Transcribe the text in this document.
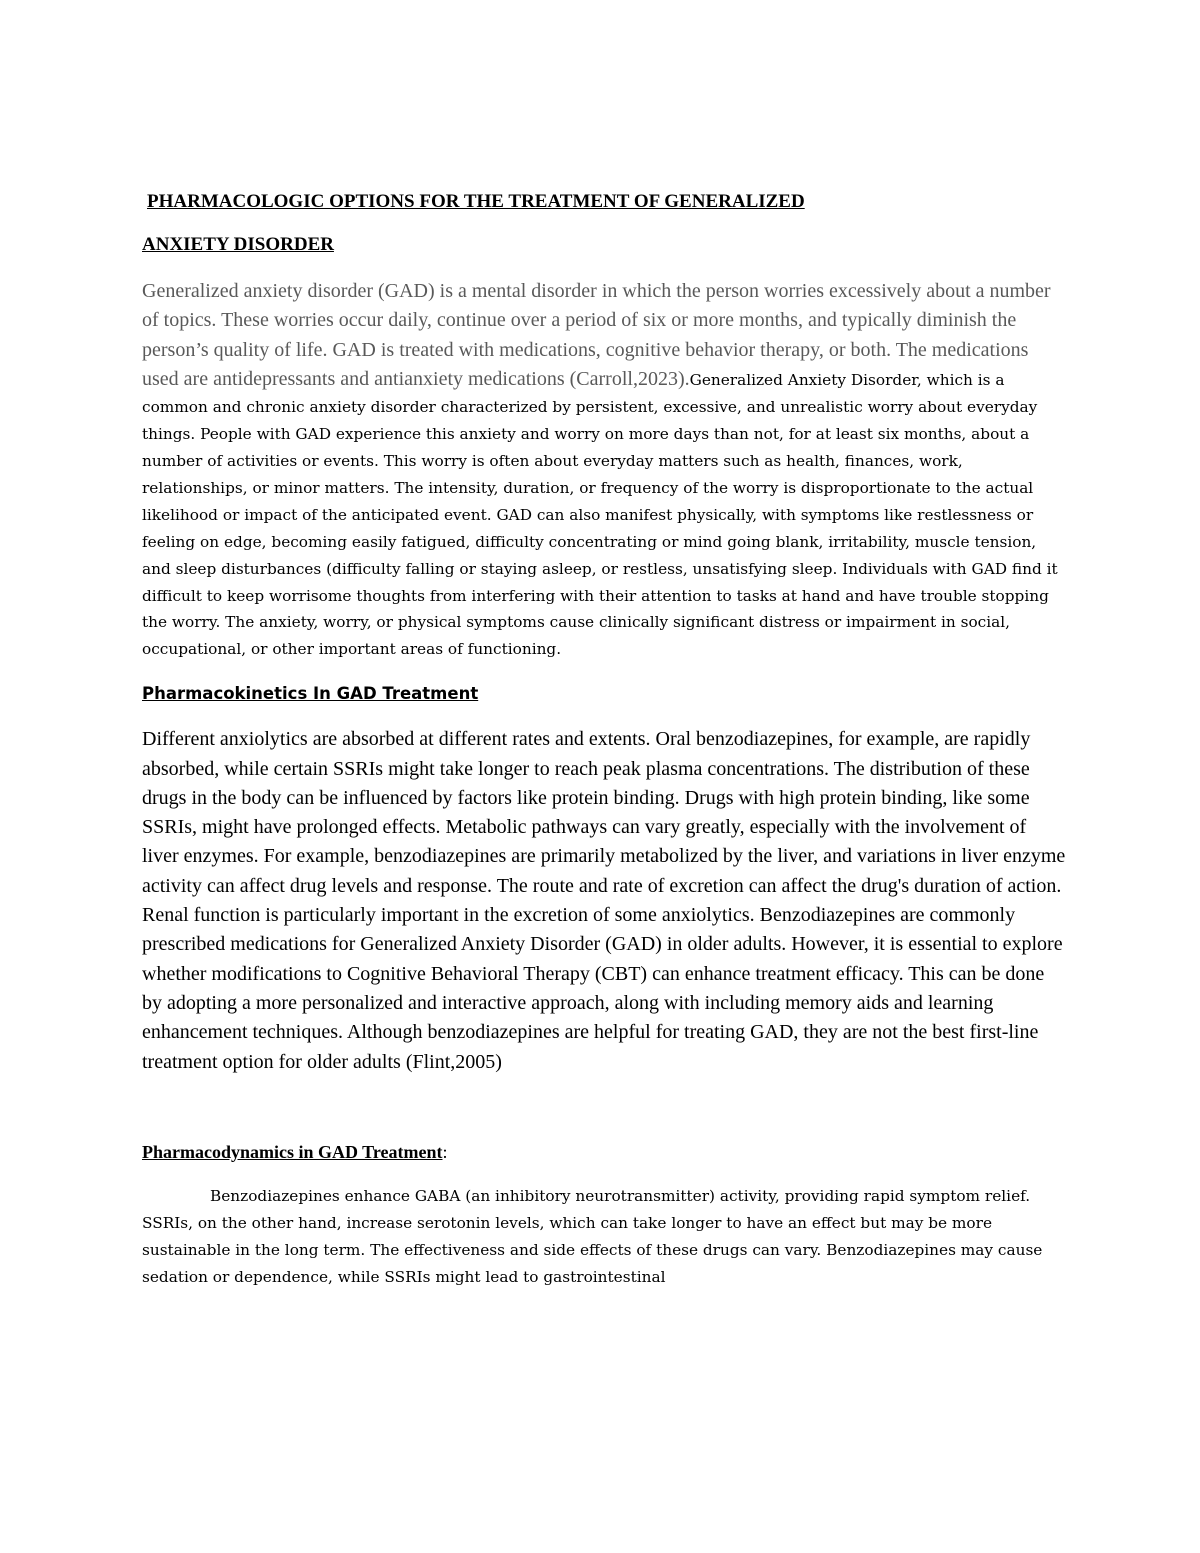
PHARMACOLOGIC OPTIONS FOR THE TREATMENT OF GENERALIZED

ANXIETY DISORDER

Generalized anxiety disorder (GAD) is a mental disorder in which the person worries excessively about a number of topics. These worries occur daily, continue over a period of six or more months, and typically diminish the person’s quality of life. GAD is treated with medications, cognitive behavior therapy, or both. The medications used are antidepressants and antianxiety medications (Carroll,2023).Generalized Anxiety Disorder, which is a common and chronic anxiety disorder characterized by persistent, excessive, and unrealistic worry about everyday things. People with GAD experience this anxiety and worry on more days than not, for at least six months, about a number of activities or events. This worry is often about everyday matters such as health, finances, work, relationships, or minor matters. The intensity, duration, or frequency of the worry is disproportionate to the actual likelihood or impact of the anticipated event. GAD can also manifest physically, with symptoms like restlessness or feeling on edge, becoming easily fatigued, difficulty concentrating or mind going blank, irritability, muscle tension, and sleep disturbances (difficulty falling or staying asleep, or restless, unsatisfying sleep. Individuals with GAD find it difficult to keep worrisome thoughts from interfering with their attention to tasks at hand and have trouble stopping the worry. The anxiety, worry, or physical symptoms cause clinically significant distress or impairment in social, occupational, or other important areas of functioning.

Pharmacokinetics In GAD Treatment

Different anxiolytics are absorbed at different rates and extents. Oral benzodiazepines, for example, are rapidly absorbed, while certain SSRIs might take longer to reach peak plasma concentrations. The distribution of these drugs in the body can be influenced by factors like protein binding. Drugs with high protein binding, like some SSRIs, might have prolonged effects. Metabolic pathways can vary greatly, especially with the involvement of liver enzymes. For example, benzodiazepines are primarily metabolized by the liver, and variations in liver enzyme activity can affect drug levels and response. The route and rate of excretion can affect the drug's duration of action. Renal function is particularly important in the excretion of some anxiolytics. Benzodiazepines are commonly prescribed medications for Generalized Anxiety Disorder (GAD) in older adults. However, it is essential to explore whether modifications to Cognitive Behavioral Therapy (CBT) can enhance treatment efficacy. This can be done by adopting a more personalized and interactive approach, along with including memory aids and learning enhancement techniques. Although benzodiazepines are helpful for treating GAD, they are not the best first-line treatment option for older adults (Flint,2005)

Pharmacodynamics in GAD Treatment:

Benzodiazepines enhance GABA (an inhibitory neurotransmitter) activity, providing rapid symptom relief. SSRIs, on the other hand, increase serotonin levels, which can take longer to have an effect but may be more sustainable in the long term. The effectiveness and side effects of these drugs can vary. Benzodiazepines may cause sedation or dependence, while SSRIs might lead to gastrointestinal
